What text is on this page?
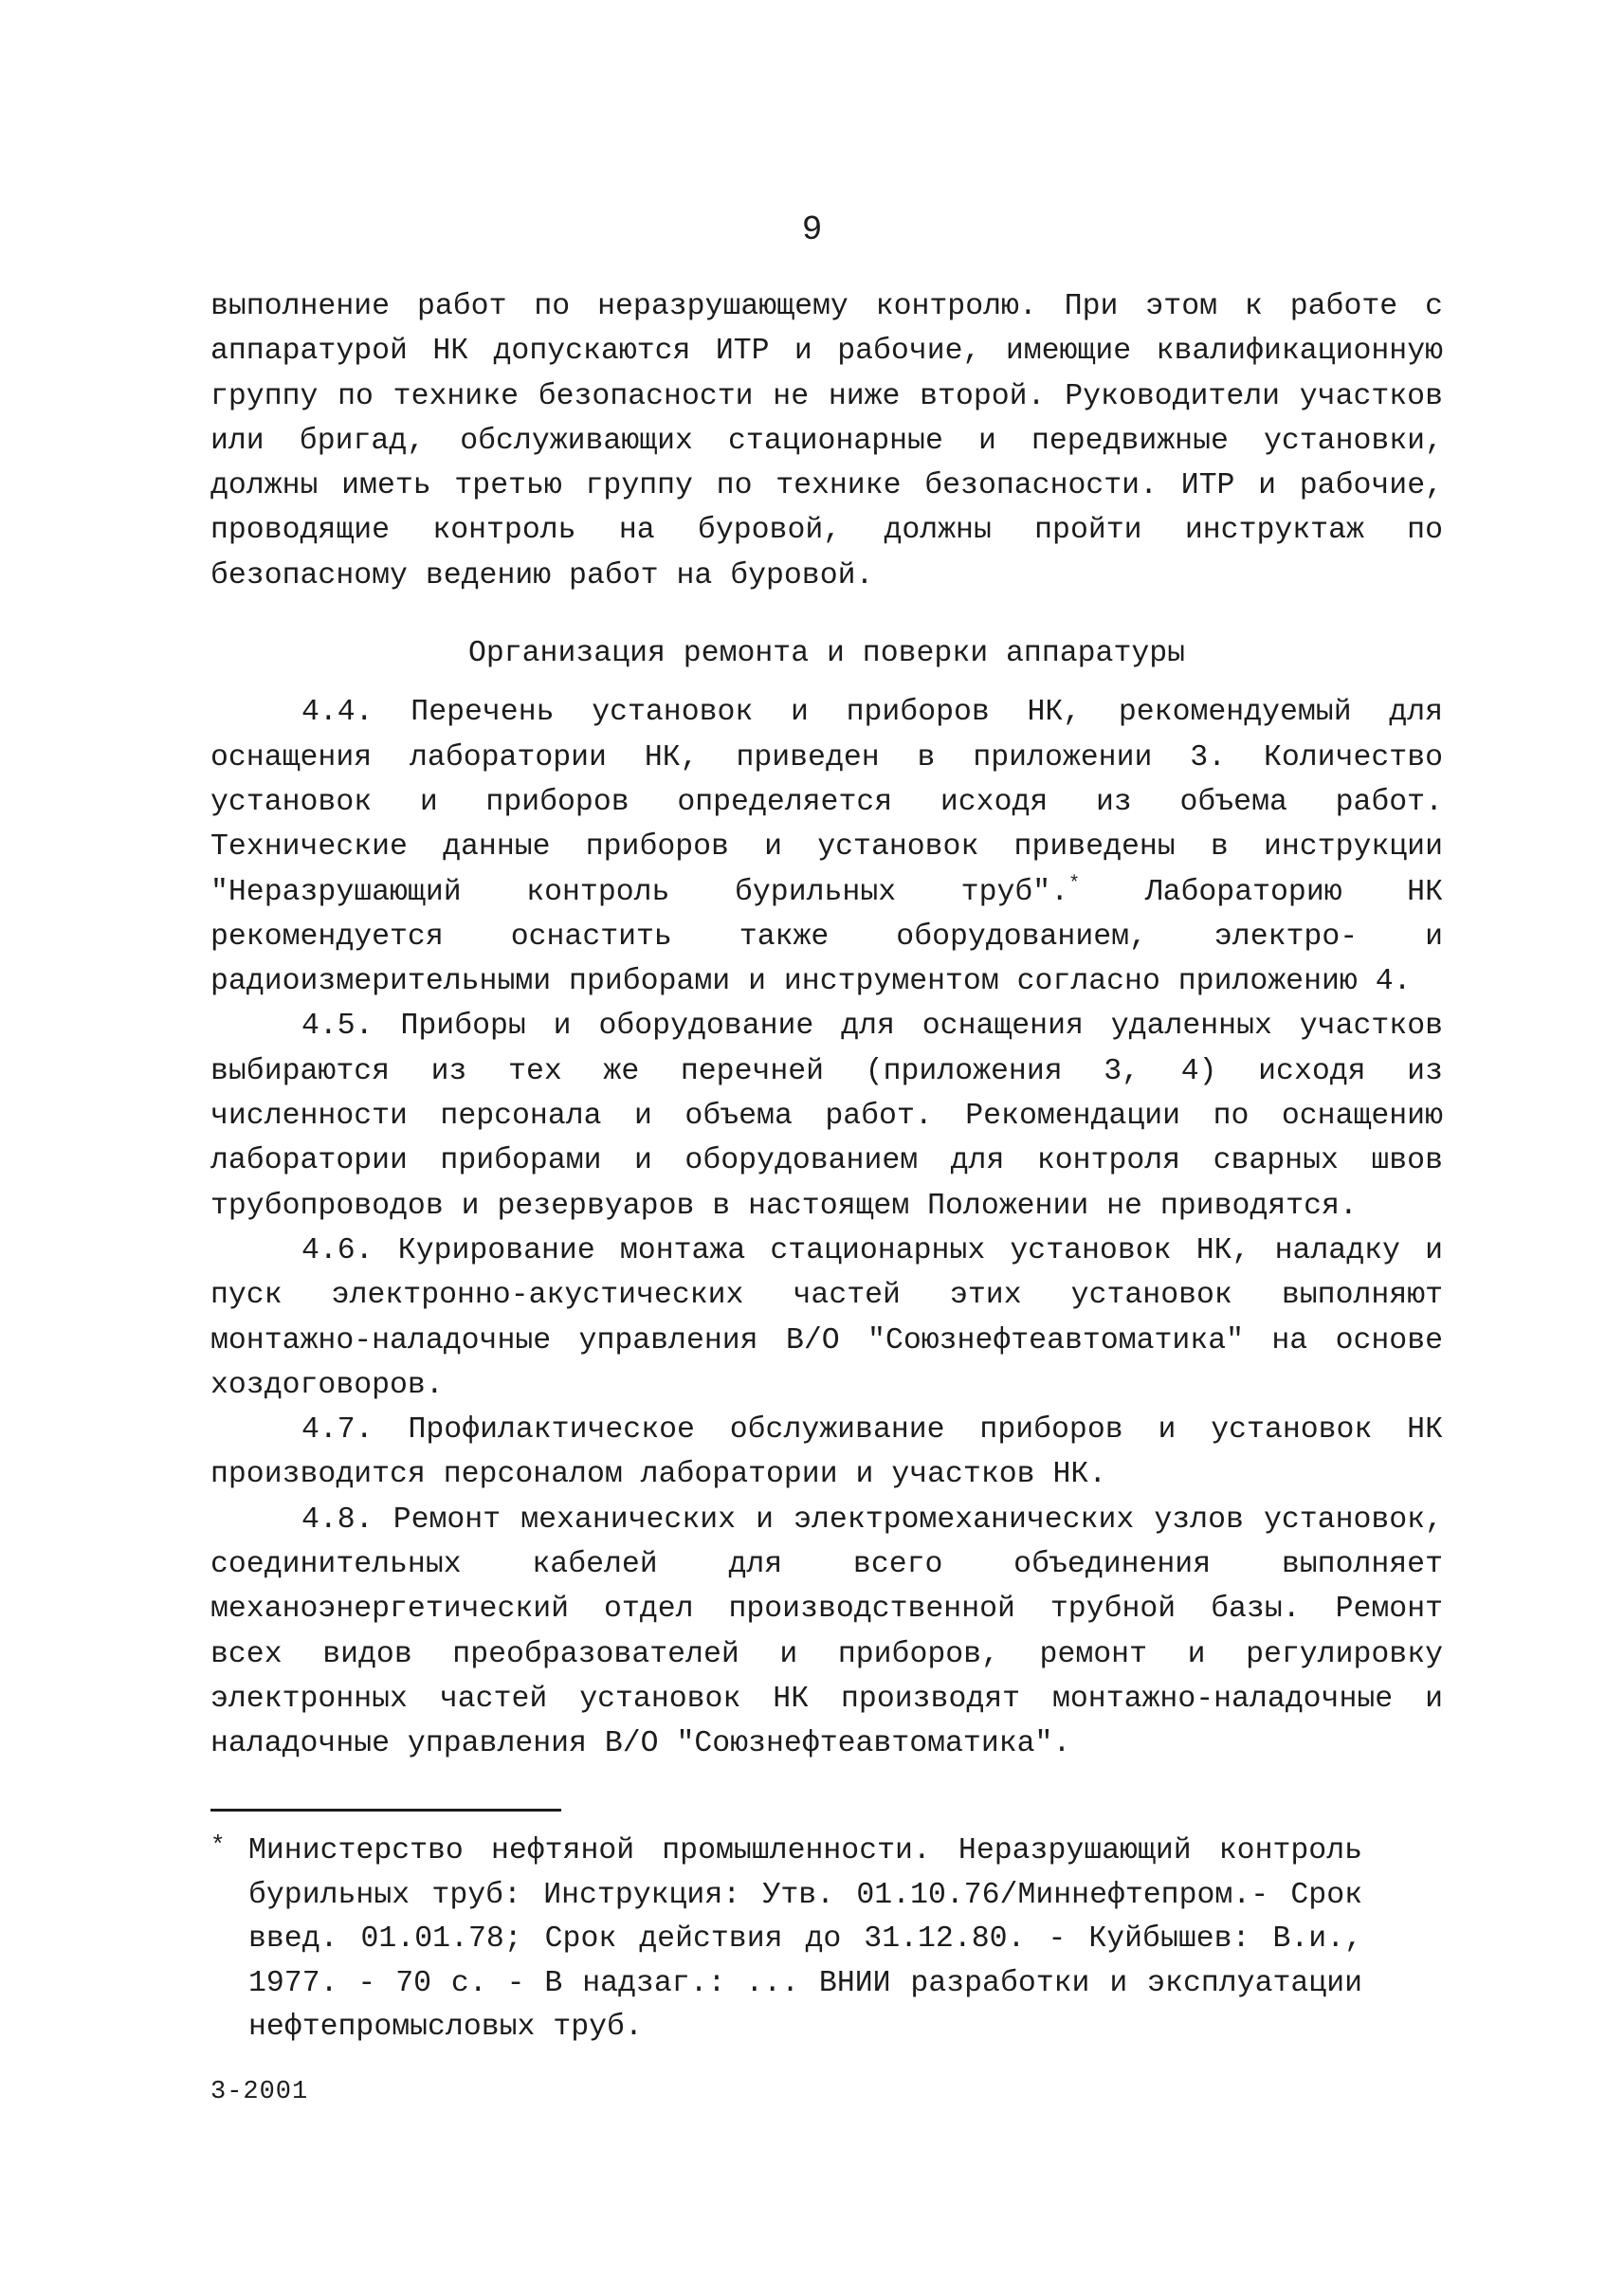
9

выполнение работ по неразрушающему контролю. При этом к работе с аппаратурой НК допускаются ИТР и рабочие, имеющие квалификационную группу по технике безопасности не ниже второй. Руководители участков или бригад, обслуживающих стационарные и передвижные установки, должны иметь третью группу по технике безопасности. ИТР и рабочие, проводящие контроль на буровой, должны пройти инструктаж по безопасному ведению работ на буровой.

Организация ремонта и поверки аппаратуры

4.4. Перечень установок и приборов НК, рекомендуемый для оснащения лаборатории НК, приведен в приложении 3. Количество установок и приборов определяется исходя из объема работ. Технические данные приборов и установок приведены в инструкции "Неразрушающий контроль бурильных труб".* Лабораторию НК рекомендуется оснастить также оборудованием, электро- и радиоизмерительными приборами и инструментом согласно приложению 4.

4.5. Приборы и оборудование для оснащения удаленных участков выбираются из тех же перечней (приложения 3, 4) исходя из численности персонала и объема работ. Рекомендации по оснащению лаборатории приборами и оборудованием для контроля сварных швов трубопроводов и резервуаров в настоящем Положении не приводятся.

4.6. Курирование монтажа стационарных установок НК, наладку и пуск электронно-акустических частей этих установок выполняют монтажно-наладочные управления В/О "Союзнефтеавтоматика" на основе хоздоговоров.

4.7. Профилактическое обслуживание приборов и установок НК производится персоналом лаборатории и участков НК.

4.8. Ремонт механических и электромеханических узлов установок, соединительных кабелей для всего объединения выполняет механоэнергетический отдел производственной трубной базы. Ремонт всех видов преобразователей и приборов, ремонт и регулировку электронных частей установок НК производят монтажно-наладочные и наладочные управления В/О "Союзнефтеавтоматика".

* Министерство нефтяной промышленности. Неразрушающий контроль бурильных труб: Инструкция: Утв. 01.10.76/Миннефтепром.- Срок введ. 01.01.78; Срок действия до 31.12.80. - Куйбышев: В.и., 1977. - 70 с. - В надзаг.: ... ВНИИ разработки и эксплуатации нефтепромысловых труб.
3-2001
